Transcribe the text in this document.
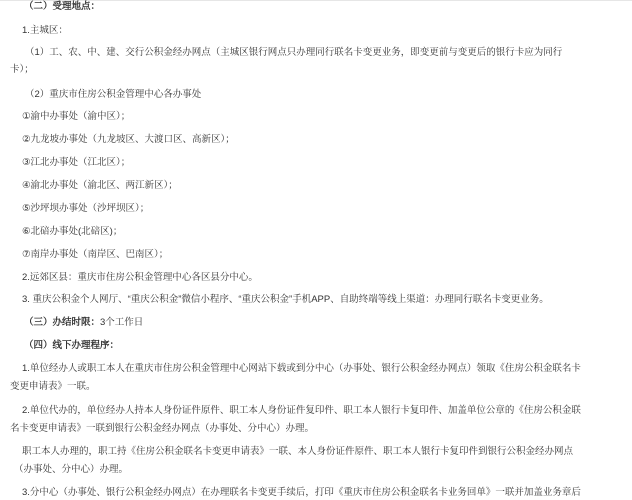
（二）受理地点：
1.主城区：
（1）工、农、中、建、交行公积金经办网点（主城区银行网点只办理同行联名卡变更业务，即变更前与变更后的银行卡应为同行
卡）；
（2）重庆市住房公积金管理中心各办事处
①渝中办事处（渝中区）；
②九龙坡办事处（九龙坡区、大渡口区、高新区）；
③江北办事处（江北区）；
④渝北办事处（渝北区、两江新区）；
⑤沙坪坝办事处（沙坪坝区）；
⑥北碚办事处(北碚区)；
⑦南岸办事处（南岸区、巴南区）；
2.远郊区县：重庆市住房公积金管理中心各区县分中心。
3. 重庆公积金个人网厅、“重庆公积金”微信小程序、“重庆公积金”手机APP、自助终端等线上渠道：办理同行联名卡变更业务。
（三）办结时限：3个工作日
（四）线下办理程序：
1.单位经办人或职工本人在重庆市住房公积金管理中心网站下载或到分中心（办事处、银行公积金经办网点）领取《住房公积金联名卡
变更申请表》一联。
2.单位代办的，单位经办人持本人身份证件原件、职工本人身份证件复印件、职工本人银行卡复印件、加盖单位公章的《住房公积金联
名卡变更申请表》一联到银行公积金经办网点（办事处、分中心）办理。
职工本人办理的，职工持《住房公积金联名卡变更申请表》一联、本人身份证件原件、职工本人银行卡复印件到银行公积金经办网点
（办事处、分中心）办理。
3.分中心（办事处、银行公积金经办网点）在办理联名卡变更手续后，打印《重庆市住房公积金联名卡业务回单》一联并加盖业务章后
